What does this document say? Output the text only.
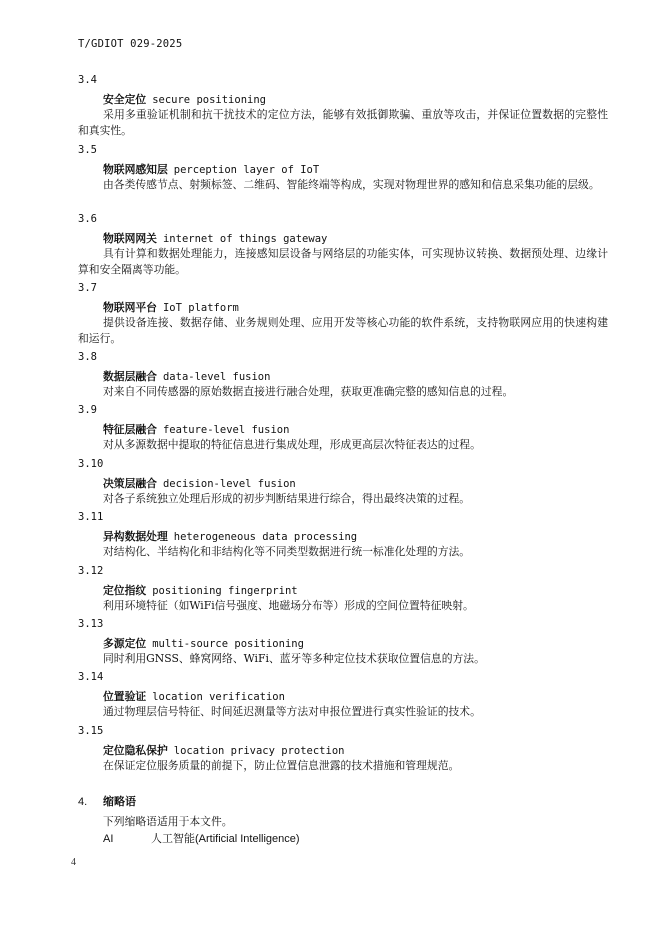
T/GDIOT 029-2025
3.4
安全定位 secure positioning
采用多重验证机制和抗干扰技术的定位方法，能够有效抵御欺骗、重放等攻击，并保证位置数据的完整性和真实性。
3.5
物联网感知层 perception layer of IoT
由各类传感节点、射频标签、二维码、智能终端等构成，实现对物理世界的感知和信息采集功能的层级。
3.6
物联网网关 internet of things gateway
具有计算和数据处理能力，连接感知层设备与网络层的功能实体，可实现协议转换、数据预处理、边缘计算和安全隔离等功能。
3.7
物联网平台 IoT platform
提供设备连接、数据存储、业务规则处理、应用开发等核心功能的软件系统，支持物联网应用的快速构建和运行。
3.8
数据层融合 data-level fusion
对来自不同传感器的原始数据直接进行融合处理，获取更准确完整的感知信息的过程。
3.9
特征层融合 feature-level fusion
对从多源数据中提取的特征信息进行集成处理，形成更高层次特征表达的过程。
3.10
决策层融合 decision-level fusion
对各子系统独立处理后形成的初步判断结果进行综合，得出最终决策的过程。
3.11
异构数据处理 heterogeneous data processing
对结构化、半结构化和非结构化等不同类型数据进行统一标准化处理的方法。
3.12
定位指纹 positioning fingerprint
利用环境特征（如WiFi信号强度、地磁场分布等）形成的空间位置特征映射。
3.13
多源定位 multi-source positioning
同时利用GNSS、蜂窝网络、WiFi、蓝牙等多种定位技术获取位置信息的方法。
3.14
位置验证 location verification
通过物理层信号特征、时间延迟测量等方法对申报位置进行真实性验证的技术。
3.15
定位隐私保护 location privacy protection
在保证定位服务质量的前提下，防止位置信息泄露的技术措施和管理规范。
4. 缩略语
下列缩略语适用于本文件。
AI	人工智能(Artificial Intelligence)
4
